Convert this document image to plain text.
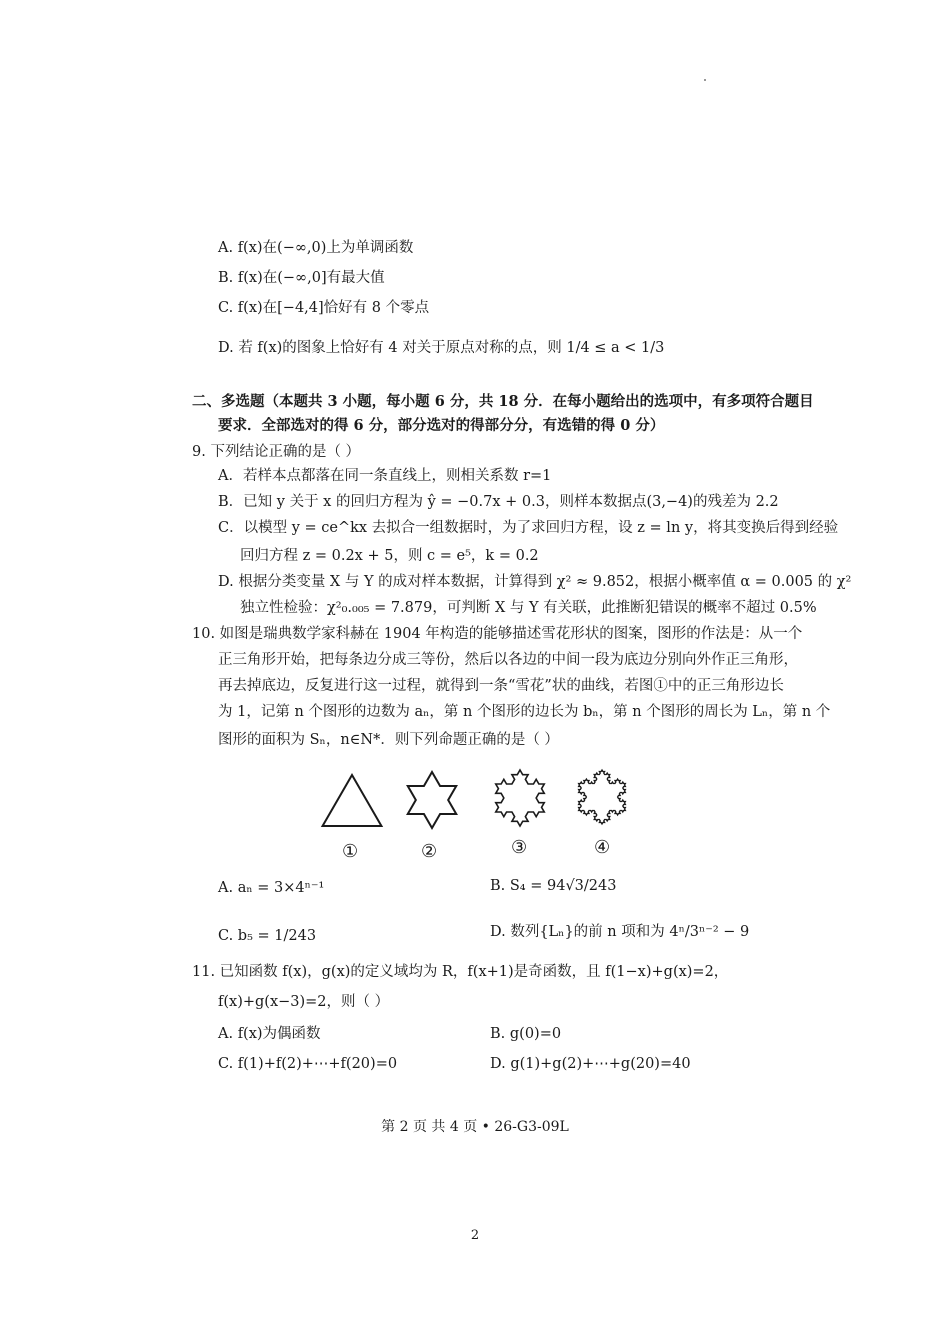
A. f(x)在(−∞,0)上为单调函数
B. f(x)在(−∞,0]有最大值
C. f(x)在[−4,4]恰好有 8 个零点
D. 若 f(x)的图象上恰好有 4 对关于原点对称的点，则 1/4 ≤ a < 1/3
二、多选题（本题共 3 小题，每小题 6 分，共 18 分．在每小题给出的选项中，有多项符合题目
要求．全部选对的得 6 分，部分选对的得部分分，有选错的得 0 分）
9. 下列结论正确的是（ ）
A．若样本点都落在同一条直线上，则相关系数 r=1
B．已知 y 关于 x 的回归方程为 ŷ = −0.7x + 0.3，则样本数据点(3,−4)的残差为 2.2
C．以模型 y = ce^kx 去拟合一组数据时，为了求回归方程，设 z = ln y，将其变换后得到经验
回归方程 z = 0.2x + 5，则 c = e⁵，k = 0.2
D. 根据分类变量 X 与 Y 的成对样本数据，计算得到 χ² ≈ 9.852，根据小概率值 α = 0.005 的 χ²
独立性检验：χ²₀.₀₀₅ = 7.879，可判断 X 与 Y 有关联，此推断犯错误的概率不超过 0.5%
10. 如图是瑞典数学家科赫在 1904 年构造的能够描述雪花形状的图案，图形的作法是：从一个
正三角形开始，把每条边分成三等份，然后以各边的中间一段为底边分别向外作正三角形，
再去掉底边，反复进行这一过程，就得到一条“雪花”状的曲线，若图①中的正三角形边长
为 1，记第 n 个图形的边数为 aₙ，第 n 个图形的边长为 bₙ，第 n 个图形的周长为 Lₙ，第 n 个
图形的面积为 Sₙ，n∈N*．则下列命题正确的是（ ）
①	②	③	④
A. aₙ = 3×4ⁿ⁻¹	B. S₄ = 94√3/243
C. b₅ = 1/243	D. 数列{Lₙ}的前 n 项和为 4ⁿ/3ⁿ⁻² − 9
11. 已知函数 f(x)，g(x)的定义域均为 R，f(x+1)是奇函数，且 f(1−x)+g(x)=2，
f(x)+g(x−3)=2，则（ ）
A. f(x)为偶函数	B. g(0)=0
C. f(1)+f(2)+⋯+f(20)=0	D. g(1)+g(2)+⋯+g(20)=40
第 2 页 共 4 页 • 26-G3-09L
2
